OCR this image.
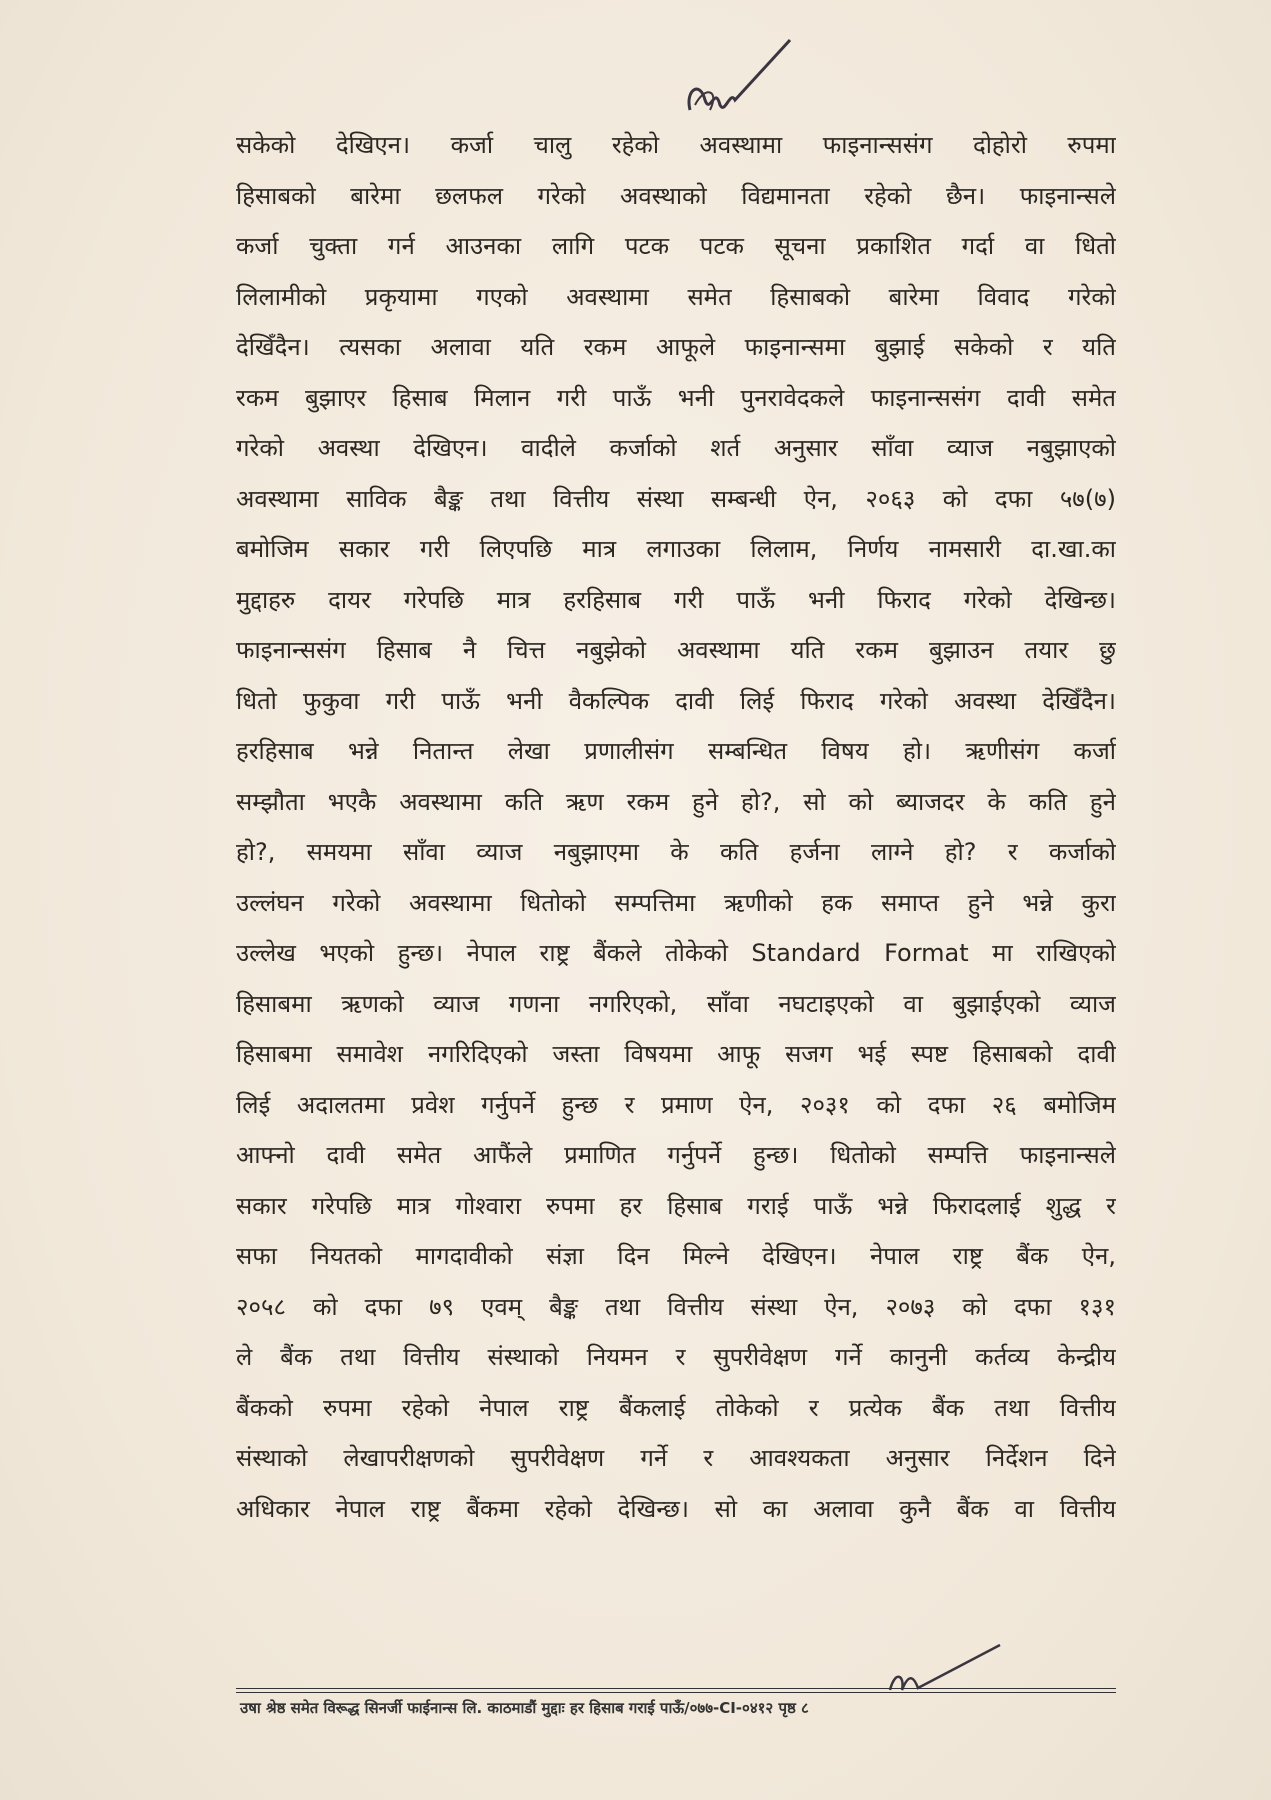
सकेको देखिएन। कर्जा चालु रहेको अवस्थामा फाइनान्ससंग दोहोरो रुपमा
हिसाबको बारेमा छलफल गरेको अवस्थाको विद्यमानता रहेको छैन। फाइनान्सले
कर्जा चुक्ता गर्न आउनका लागि पटक पटक सूचना प्रकाशित गर्दा वा धितो
लिलामीको प्रकृयामा गएको अवस्थामा समेत हिसाबको बारेमा विवाद गरेको
देखिँदैन। त्यसका अलावा यति रकम आफूले फाइनान्समा बुझाई सकेको र यति
रकम बुझाएर हिसाब मिलान गरी पाऊँ भनी पुनरावेदकले फाइनान्ससंग दावी समेत
गरेको अवस्था देखिएन। वादीले कर्जाको शर्त अनुसार साँवा व्याज नबुझाएको
अवस्थामा साविक बैङ्क तथा वित्तीय संस्था सम्बन्धी ऐन, २०६३ को दफा ५७(७)
बमोजिम सकार गरी लिएपछि मात्र लगाउका लिलाम, निर्णय नामसारी दा.खा.का
मुद्दाहरु दायर गरेपछि मात्र हरहिसाब गरी पाऊँ भनी फिराद गरेको देखिन्छ।
फाइनान्ससंग हिसाब नै चित्त नबुझेको अवस्थामा यति रकम बुझाउन तयार छु
धितो फुकुवा गरी पाऊँ भनी वैकल्पिक दावी लिई फिराद गरेको अवस्था देखिँदैन।
हरहिसाब भन्ने नितान्त लेखा प्रणालीसंग सम्बन्धित विषय हो। ऋणीसंग कर्जा
सम्झौता भएकै अवस्थामा कति ऋण रकम हुने हो?, सो को ब्याजदर के कति हुने
हो?, समयमा साँवा व्याज नबुझाएमा के कति हर्जना लाग्ने हो? र कर्जाको
उल्लंघन गरेको अवस्थामा धितोको सम्पत्तिमा ऋणीको हक समाप्त हुने भन्ने कुरा
उल्लेख भएको हुन्छ। नेपाल राष्ट्र बैंकले तोकेको Standard Format मा राखिएको
हिसाबमा ऋणको व्याज गणना नगरिएको, साँवा नघटाइएको वा बुझाईएको व्याज
हिसाबमा समावेश नगरिदिएको जस्ता विषयमा आफू सजग भई स्पष्ट हिसाबको दावी
लिई अदालतमा प्रवेश गर्नुपर्ने हुन्छ र प्रमाण ऐन, २०३१ को दफा २६ बमोजिम
आफ्नो दावी समेत आफैंले प्रमाणित गर्नुपर्ने हुन्छ। धितोको सम्पत्ति फाइनान्सले
सकार गरेपछि मात्र गोश्वारा रुपमा हर हिसाब गराई पाऊँ भन्ने फिरादलाई शुद्ध र
सफा नियतको मागदावीको संज्ञा दिन मिल्ने देखिएन। नेपाल राष्ट्र बैंक ऐन,
२०५८ को दफा ७९ एवम् बैङ्क तथा वित्तीय संस्था ऐन, २०७३ को दफा १३१
ले बैंक तथा वित्तीय संस्थाको नियमन र सुपरीवेक्षण गर्ने कानुनी कर्तव्य केन्द्रीय
बैंकको रुपमा रहेको नेपाल राष्ट्र बैंकलाई तोकेको र प्रत्येक बैंक तथा वित्तीय
संस्थाको लेखापरीक्षणको सुपरीवेक्षण गर्ने र आवश्यकता अनुसार निर्देशन दिने
अधिकार नेपाल राष्ट्र बैंकमा रहेको देखिन्छ। सो का अलावा कुनै बैंक वा वित्तीय
उषा श्रेष्ठ समेत विरूद्ध सिनर्जी फाईनान्स लि. काठमाडौं मुद्दाः हर हिसाब गराई पाऊँ/०७७-CI-०४१२ पृष्ठ ८
